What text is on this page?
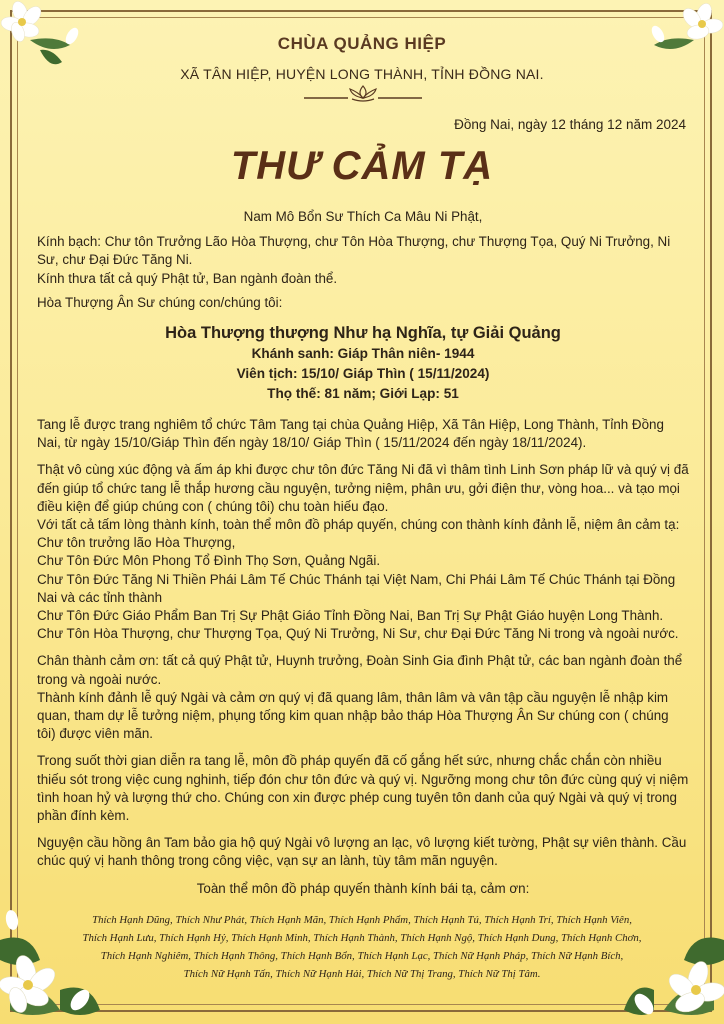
CHÙA QUẢNG HIỆP
XÃ TÂN HIỆP, HUYỆN LONG THÀNH, TỈNH ĐỒNG NAI.
Đồng Nai, ngày 12 tháng 12 năm 2024
THƯ CẢM TẠ

Nam Mô Bổn Sư Thích Ca Mâu Ni Phật,

Kính bạch: Chư tôn Trưởng Lão Hòa Thượng, chư Tôn Hòa Thượng, chư Thượng Tọa, Quý Ni Trưởng, Ni Sư, chư Đại Đức Tăng Ni.

Kính thưa tất cả quý Phật tử, Ban ngành đoàn thể.

Hòa Thượng Ân Sư chúng con/chúng tôi:

Hòa Thượng thượng Như hạ Nghĩa, tự Giải Quảng

Khánh sanh: Giáp Thân niên- 1944

Viên tịch: 15/10/ Giáp Thìn ( 15/11/2024)

Thọ thế: 81 năm; Giới Lạp: 51

Tang lễ được trang nghiêm tổ chức Tâm Tang tại chùa Quảng Hiệp, Xã Tân Hiệp, Long Thành, Tỉnh Đồng Nai, từ ngày 15/10/Giáp Thìn đến ngày 18/10/ Giáp Thìn ( 15/11/2024 đến ngày 18/11/2024).

Thật vô cùng xúc động và ấm áp khi được chư tôn đức Tăng Ni đã vì thâm tình Linh Sơn pháp lữ và quý vị đã đến giúp tổ chức tang lễ thắp hương cầu nguyện, tưởng niệm, phân ưu, gởi điện thư, vòng hoa... và tạo mọi điều kiện để giúp chúng con ( chúng tôi) chu toàn hiếu đạo.

Với tất cả tấm lòng thành kính, toàn thể môn đồ pháp quyến, chúng con thành kính đảnh lễ, niệm ân cảm tạ:

Chư tôn trưởng lão Hòa Thượng,

Chư Tôn Đức Môn Phong Tổ Đình Thọ Sơn, Quảng Ngãi.

Chư Tôn Đức Tăng Ni Thiền Phái Lâm Tế Chúc Thánh tại Việt Nam, Chi Phái Lâm Tế Chúc Thánh tại Đồng Nai và các tỉnh thành

Chư Tôn Đức Giáo Phẩm Ban Trị Sự Phật Giáo Tỉnh Đồng Nai, Ban Trị Sự Phật Giáo huyện Long Thành.

Chư Tôn Hòa Thượng, chư Thượng Tọa, Quý Ni Trưởng, Ni Sư, chư Đại Đức Tăng Ni trong và ngoài nước.

Chân thành cảm ơn: tất cả quý Phật tử, Huynh trưởng, Đoàn Sinh Gia đình Phật tử, các ban ngành đoàn thể trong và ngoài nước.

Thành kính đảnh lễ quý Ngài và cảm ơn quý vị đã quang lâm, thân lâm và vân tập cầu nguyện lễ nhập kim quan, tham dự lễ tưởng niệm, phụng tống kim quan nhập bảo tháp Hòa Thượng Ân Sư chúng con ( chúng tôi) được viên mãn.

Trong suốt thời gian diễn ra tang lễ, môn đồ pháp quyến đã cố gắng hết sức, nhưng chắc chắn còn nhiều thiếu sót trong việc cung nghinh, tiếp đón chư tôn đức và quý vị. Ngưỡng mong chư tôn đức cùng quý vị niệm tình hoan hỷ và lượng thứ cho. Chúng con xin được phép cung tuyên tôn danh của quý Ngài và quý vị trong phần đính kèm.

Nguyện cầu hồng ân Tam bảo gia hộ quý Ngài vô lượng an lạc, vô lượng kiết tường, Phật sự viên thành. Cầu chúc quý vị hanh thông trong công việc, vạn sự an lành, tùy tâm mãn nguyện.

Toàn thể môn đồ pháp quyến thành kính bái tạ, cảm ơn:

Thích Hạnh Dũng, Thích Như Phát, Thích Hạnh Mãn, Thích Hạnh Phẩm, Thích Hạnh Tú, Thích Hạnh Trí, Thích Hạnh Viên,
Thích Hạnh Lưu, Thích Hạnh Hỷ, Thích Hạnh Minh, Thích Hạnh Thành, Thích Hạnh Ngộ, Thích Hạnh Dung, Thích Hạnh Chơn,
Thích Hạnh Nghiêm, Thích Hạnh Thông, Thích Hạnh Bổn, Thích Hạnh Lạc, Thích Nữ Hạnh Pháp, Thích Nữ Hạnh Bích,
Thích Nữ Hạnh Tấn, Thích Nữ Hạnh Hải, Thích Nữ Thị Trang, Thích Nữ Thị Tâm.
